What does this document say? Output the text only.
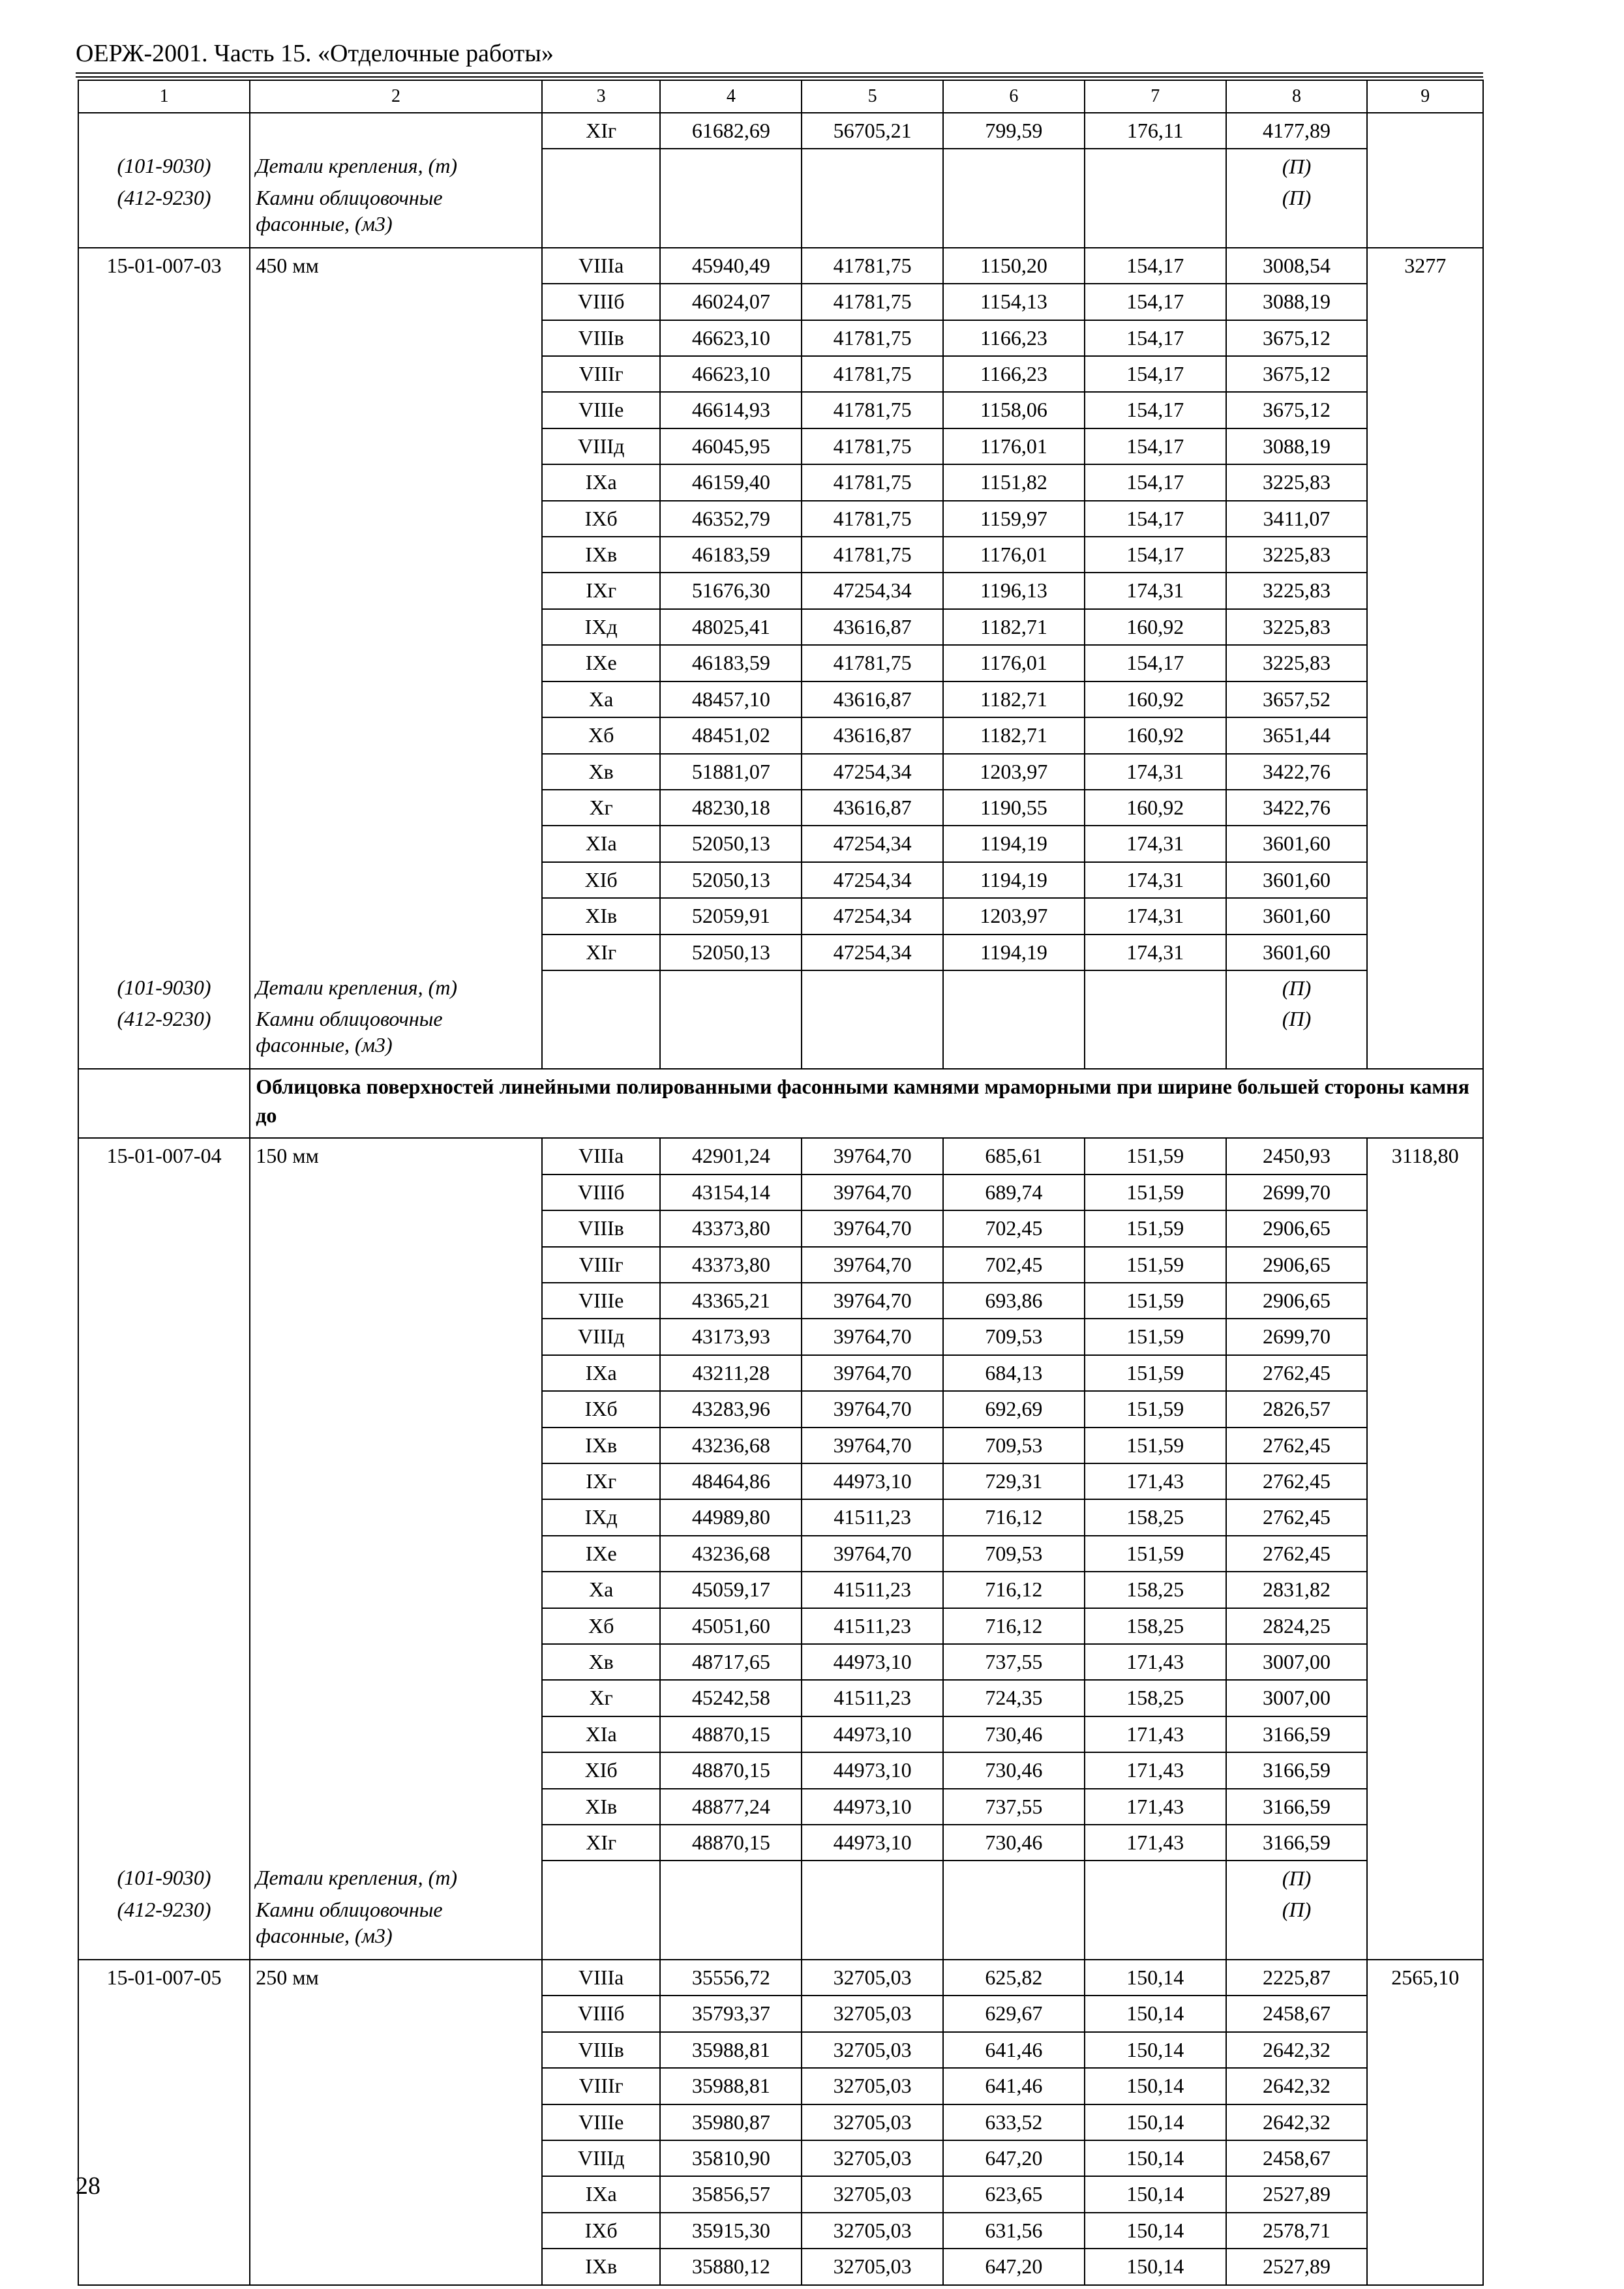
ОЕРЖ-2001. Часть 15. «Отделочные работы»
1	2	3	4	5	6	7	8	9
		XIг	61682,69	56705,21	799,59	176,11	4177,89	
(101-9030)	Детали крепления, (т)						(П)	
(412-9230)	Камни облицовочные фасонные, (м3)						(П)	
15-01-007-03	450 мм	VIIIа	45940,49	41781,75	1150,20	154,17	3008,54	3277
		VIIIб	46024,07	41781,75	1154,13	154,17	3088,19	
		VIIIв	46623,10	41781,75	1166,23	154,17	3675,12	
		VIIIг	46623,10	41781,75	1166,23	154,17	3675,12	
		VIIIе	46614,93	41781,75	1158,06	154,17	3675,12	
		VIIIд	46045,95	41781,75	1176,01	154,17	3088,19	
		IXа	46159,40	41781,75	1151,82	154,17	3225,83	
		IXб	46352,79	41781,75	1159,97	154,17	3411,07	
		IXв	46183,59	41781,75	1176,01	154,17	3225,83	
		IXг	51676,30	47254,34	1196,13	174,31	3225,83	
		IXд	48025,41	43616,87	1182,71	160,92	3225,83	
		IXе	46183,59	41781,75	1176,01	154,17	3225,83	
		Xа	48457,10	43616,87	1182,71	160,92	3657,52	
		Xб	48451,02	43616,87	1182,71	160,92	3651,44	
		Xв	51881,07	47254,34	1203,97	174,31	3422,76	
		Xг	48230,18	43616,87	1190,55	160,92	3422,76	
		XIа	52050,13	47254,34	1194,19	174,31	3601,60	
		XIб	52050,13	47254,34	1194,19	174,31	3601,60	
		XIв	52059,91	47254,34	1203,97	174,31	3601,60	
		XIг	52050,13	47254,34	1194,19	174,31	3601,60	
(101-9030)	Детали крепления, (т)						(П)	
(412-9230)	Камни облицовочные фасонные, (м3)						(П)	
	Облицовка поверхностей линейными полированными фасонными камнями мраморными при ширине большей стороны камня до							
15-01-007-04	150 мм	VIIIа	42901,24	39764,70	685,61	151,59	2450,93	3118,80
		VIIIб	43154,14	39764,70	689,74	151,59	2699,70	
		VIIIв	43373,80	39764,70	702,45	151,59	2906,65	
		VIIIг	43373,80	39764,70	702,45	151,59	2906,65	
		VIIIе	43365,21	39764,70	693,86	151,59	2906,65	
		VIIIд	43173,93	39764,70	709,53	151,59	2699,70	
		IXа	43211,28	39764,70	684,13	151,59	2762,45	
		IXб	43283,96	39764,70	692,69	151,59	2826,57	
		IXв	43236,68	39764,70	709,53	151,59	2762,45	
		IXг	48464,86	44973,10	729,31	171,43	2762,45	
		IXд	44989,80	41511,23	716,12	158,25	2762,45	
		IXе	43236,68	39764,70	709,53	151,59	2762,45	
		Xа	45059,17	41511,23	716,12	158,25	2831,82	
		Xб	45051,60	41511,23	716,12	158,25	2824,25	
		Xв	48717,65	44973,10	737,55	171,43	3007,00	
		Xг	45242,58	41511,23	724,35	158,25	3007,00	
		XIа	48870,15	44973,10	730,46	171,43	3166,59	
		XIб	48870,15	44973,10	730,46	171,43	3166,59	
		XIв	48877,24	44973,10	737,55	171,43	3166,59	
		XIг	48870,15	44973,10	730,46	171,43	3166,59	
(101-9030)	Детали крепления, (т)						(П)	
(412-9230)	Камни облицовочные фасонные, (м3)						(П)	
15-01-007-05	250 мм	VIIIа	35556,72	32705,03	625,82	150,14	2225,87	2565,10
		VIIIб	35793,37	32705,03	629,67	150,14	2458,67	
		VIIIв	35988,81	32705,03	641,46	150,14	2642,32	
		VIIIг	35988,81	32705,03	641,46	150,14	2642,32	
		VIIIе	35980,87	32705,03	633,52	150,14	2642,32	
		VIIIд	35810,90	32705,03	647,20	150,14	2458,67	
		IXа	35856,57	32705,03	623,65	150,14	2527,89	
		IXб	35915,30	32705,03	631,56	150,14	2578,71	
		IXв	35880,12	32705,03	647,20	150,14	2527,89	
28
